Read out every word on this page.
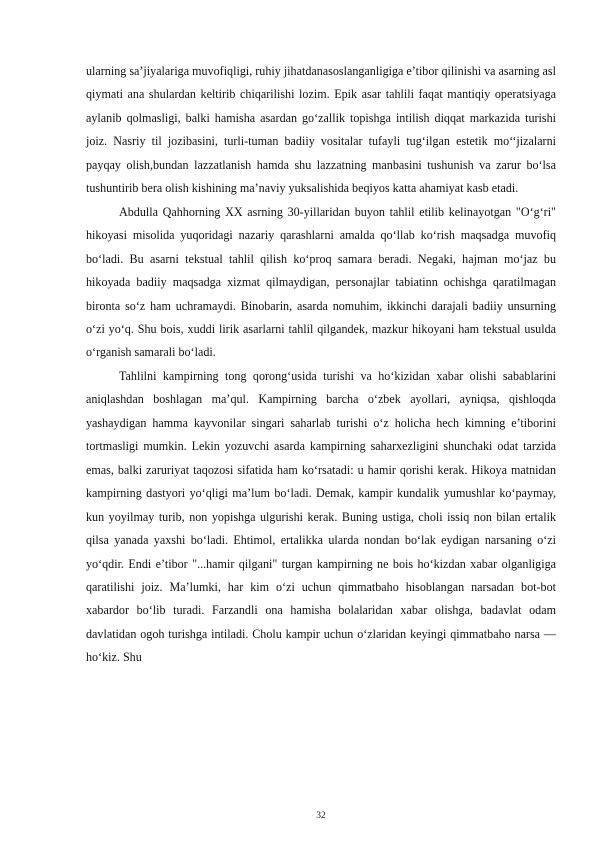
ularning sa’jiyalariga muvofiqligi, ruhiy jihatdanasoslanganligiga e’tibor qilinishi va asarning asl qiymati ana shulardan keltirib chiqarilishi lozim. Epik asar tahlili faqat mantiqiy operatsiyaga aylanib qolmasligi, balki hamisha asardan go‘zallik topishga intilish diqqat markazida turishi joiz. Nasriy til jozibasini, turli-tuman badiiy vositalar tufayli tug‘ilgan estetik mo‘‘jizalarni payqay olish,bundan lazzatlanish hamda shu lazzatning manbasini tushunish va zarur bo‘lsa tushuntirib bera olish kishining ma’naviy yuksalishida beqiyos katta ahamiyat kasb etadi.

Abdulla Qahhorning XX asrning 30-yillaridan buyon tahlil etilib kelinayotgan "O‘g‘ri" hikoyasi misolida yuqoridagi nazariy qarashlarni amalda qo‘llab ko‘rish maqsadga muvofiq bo‘ladi. Bu asarni tekstual tahlil qilish ko‘proq samara beradi. Negaki, hajman mo‘jaz bu hikoyada badiiy maqsadga xizmat qilmaydigan, personajlar tabiatinn ochishga qaratilmagan bironta so‘z ham uchramaydi. Binobarin, asarda nomuhim, ikkinchi darajali badiiy unsurning o‘zi yo‘q. Shu bois, xuddi lirik asarlarni tahlil qilgandek, mazkur hikoyani ham tekstual usulda o‘rganish samarali bo‘ladi.

Tahlilni kampirning tong qorong‘usida turishi va ho‘kizidan xabar olishi sabablarini aniqlashdan boshlagan ma’qul. Kampirning barcha o‘zbek ayollari, ayniqsa, qishloqda yashaydigan hamma kayvonilar singari saharlab turishi o‘z holicha hech kimning e’tiborini tortmasligi mumkin. Lekin yozuvchi asarda kampirning saharxezligini shunchaki odat tarzida emas, balki zaruriyat taqozosi sifatida ham ko‘rsatadi: u hamir qorishi kerak. Hikoya matnidan kampirning dastyori yo‘qligi ma’lum bo‘ladi. Demak, kampir kundalik yumushlar ko‘paymay, kun yoyilmay turib, non yopishga ulgurishi kerak. Buning ustiga, choli issiq non bilan ertalik qilsa yanada yaxshi bo‘ladi. Ehtimol, ertalikka ularda nondan bo‘lak eydigan narsaning o‘zi yo‘qdir. Endi e’tibor "...hamir qilgani" turgan kampirning ne bois ho‘kizdan xabar olganligiga qaratilishi joiz. Ma’lumki, har kim o‘zi uchun qimmatbaho hisoblangan narsadan bot-bot xabardor bo‘lib turadi. Farzandli ona hamisha bolalaridan xabar olishga, badavlat odam davlatidan ogoh turishga intiladi. Cholu kampir uchun o‘zlaridan keyingi qimmatbaho narsa — ho‘kiz. Shu

32
